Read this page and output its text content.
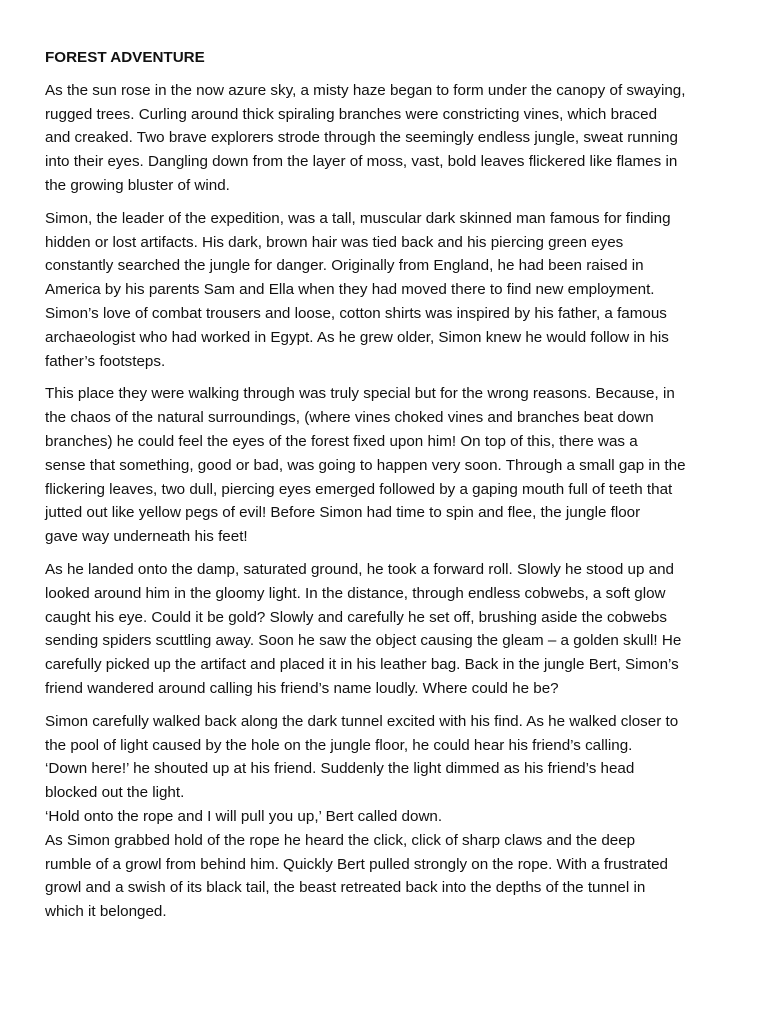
FOREST ADVENTURE

As the sun rose in the now azure sky, a misty haze began to form under the canopy of swaying,
rugged trees. Curling around thick spiraling branches were constricting vines, which braced
and creaked. Two brave explorers strode through the seemingly endless jungle, sweat running
into their eyes. Dangling down from the layer of moss, vast, bold leaves flickered like flames in
the growing bluster of wind.

Simon, the leader of the expedition, was a tall, muscular dark skinned man famous for finding
hidden or lost artifacts. His dark, brown hair was tied back and his piercing green eyes
constantly searched the jungle for danger. Originally from England, he had been raised in
America by his parents Sam and Ella when they had moved there to find new employment.
Simon’s love of combat trousers and loose, cotton shirts was inspired by his father, a famous
archaeologist who had worked in Egypt. As he grew older, Simon knew he would follow in his
father’s footsteps.

This place they were walking through was truly special but for the wrong reasons. Because, in
the chaos of the natural surroundings, (where vines choked vines and branches beat down
branches) he could feel the eyes of the forest fixed upon him! On top of this, there was a
sense that something, good or bad, was going to happen very soon. Through a small gap in the
flickering leaves, two dull, piercing eyes emerged followed by a gaping mouth full of teeth that
jutted out like yellow pegs of evil! Before Simon had time to spin and flee, the jungle floor
gave way underneath his feet!

As he landed onto the damp, saturated ground, he took a forward roll. Slowly he stood up and
looked around him in the gloomy light. In the distance, through endless cobwebs, a soft glow
caught his eye. Could it be gold? Slowly and carefully he set off, brushing aside the cobwebs
sending spiders scuttling away. Soon he saw the object causing the gleam – a golden skull! He
carefully picked up the artifact and placed it in his leather bag. Back in the jungle Bert, Simon’s
friend wandered around calling his friend’s name loudly. Where could he be?

Simon carefully walked back along the dark tunnel excited with his find. As he walked closer to
the pool of light caused by the hole on the jungle floor, he could hear his friend’s calling.
‘Down here!’ he shouted up at his friend. Suddenly the light dimmed as his friend’s head
blocked out the light.
‘Hold onto the rope and I will pull you up,’ Bert called down.
As Simon grabbed hold of the rope he heard the click, click of sharp claws and the deep
rumble of a growl from behind him. Quickly Bert pulled strongly on the rope. With a frustrated
growl and a swish of its black tail, the beast retreated back into the depths of the tunnel in
which it belonged.
